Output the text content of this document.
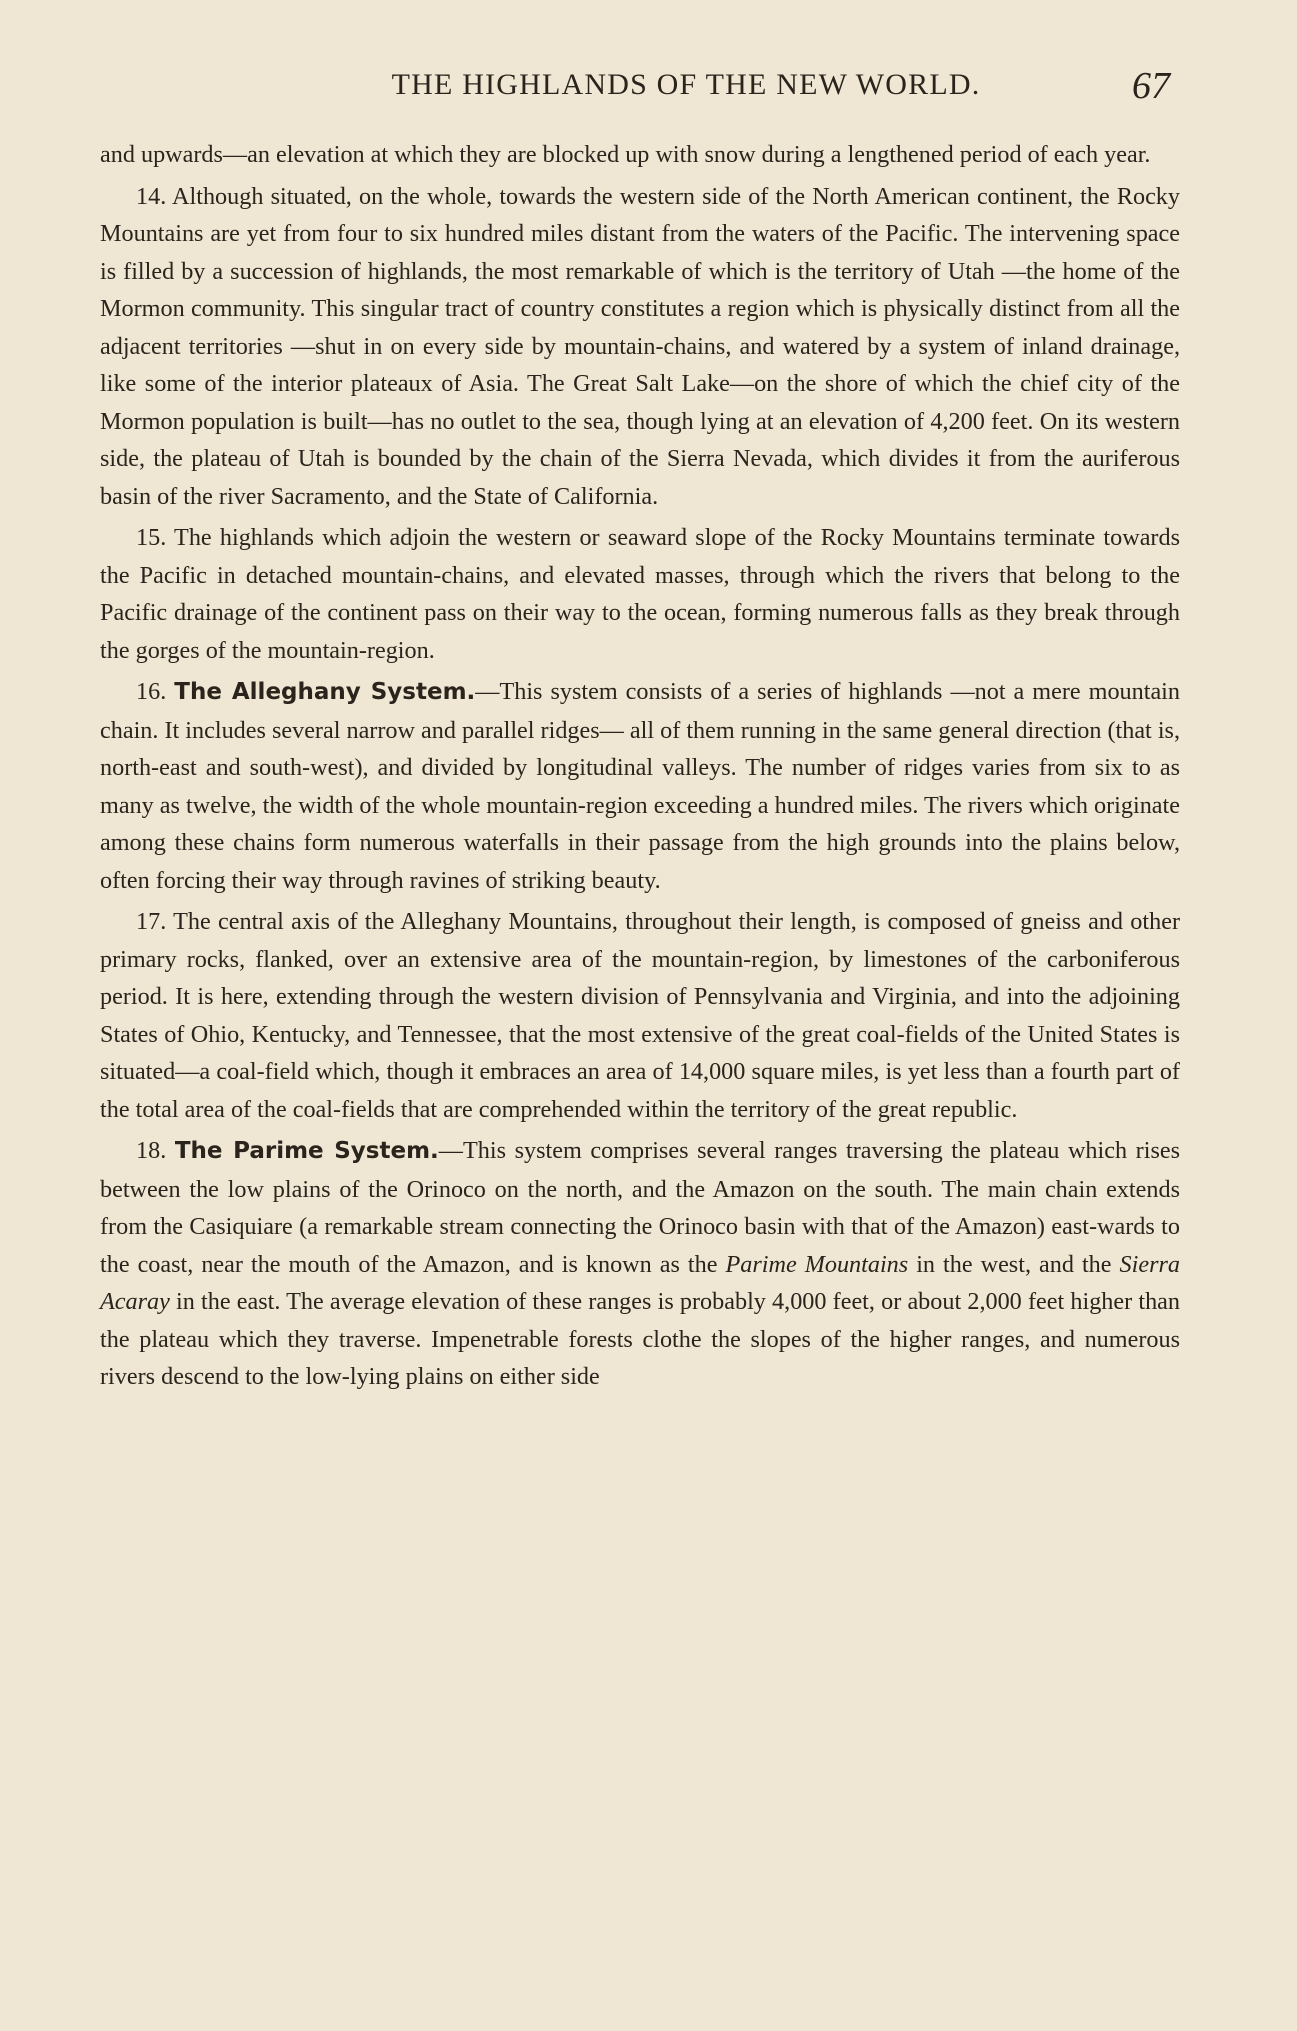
THE HIGHLANDS OF THE NEW WORLD.	67

and upwards—an elevation at which they are blocked up with snow during a lengthened period of each year.

14. Although situated, on the whole, towards the western side of the North American continent, the Rocky Mountains are yet from four to six hundred miles distant from the waters of the Pacific. The intervening space is filled by a succession of highlands, the most remarkable of which is the territory of Utah —the home of the Mormon community. This singular tract of country constitutes a region which is physically distinct from all the adjacent territories —shut in on every side by mountain-chains, and watered by a system of inland drainage, like some of the interior plateaux of Asia. The Great Salt Lake—on the shore of which the chief city of the Mormon population is built—has no outlet to the sea, though lying at an elevation of 4,200 feet. On its western side, the plateau of Utah is bounded by the chain of the Sierra Nevada, which divides it from the auriferous basin of the river Sacramento, and the State of California.

15. The highlands which adjoin the western or seaward slope of the Rocky Mountains terminate towards the Pacific in detached mountain-chains, and elevated masses, through which the rivers that belong to the Pacific drainage of the continent pass on their way to the ocean, forming numerous falls as they break through the gorges of the mountain-region.

16. The Alleghany System.—This system consists of a series of highlands —not a mere mountain chain. It includes several narrow and parallel ridges— all of them running in the same general direction (that is, north-east and south-west), and divided by longitudinal valleys. The number of ridges varies from six to as many as twelve, the width of the whole mountain-region exceeding a hundred miles. The rivers which originate among these chains form numerous waterfalls in their passage from the high grounds into the plains below, often forcing their way through ravines of striking beauty.

17. The central axis of the Alleghany Mountains, throughout their length, is composed of gneiss and other primary rocks, flanked, over an extensive area of the mountain-region, by limestones of the carboniferous period. It is here, extending through the western division of Pennsylvania and Virginia, and into the adjoining States of Ohio, Kentucky, and Tennessee, that the most extensive of the great coal-fields of the United States is situated—a coal-field which, though it embraces an area of 14,000 square miles, is yet less than a fourth part of the total area of the coal-fields that are comprehended within the territory of the great republic.

18. The Parime System.—This system comprises several ranges traversing the plateau which rises between the low plains of the Orinoco on the north, and the Amazon on the south. The main chain extends from the Casiquiare (a remarkable stream connecting the Orinoco basin with that of the Amazon) east-wards to the coast, near the mouth of the Amazon, and is known as the Parime Mountains in the west, and the Sierra Acaray in the east. The average elevation of these ranges is probably 4,000 feet, or about 2,000 feet higher than the plateau which they traverse. Impenetrable forests clothe the slopes of the higher ranges, and numerous rivers descend to the low-lying plains on either side
